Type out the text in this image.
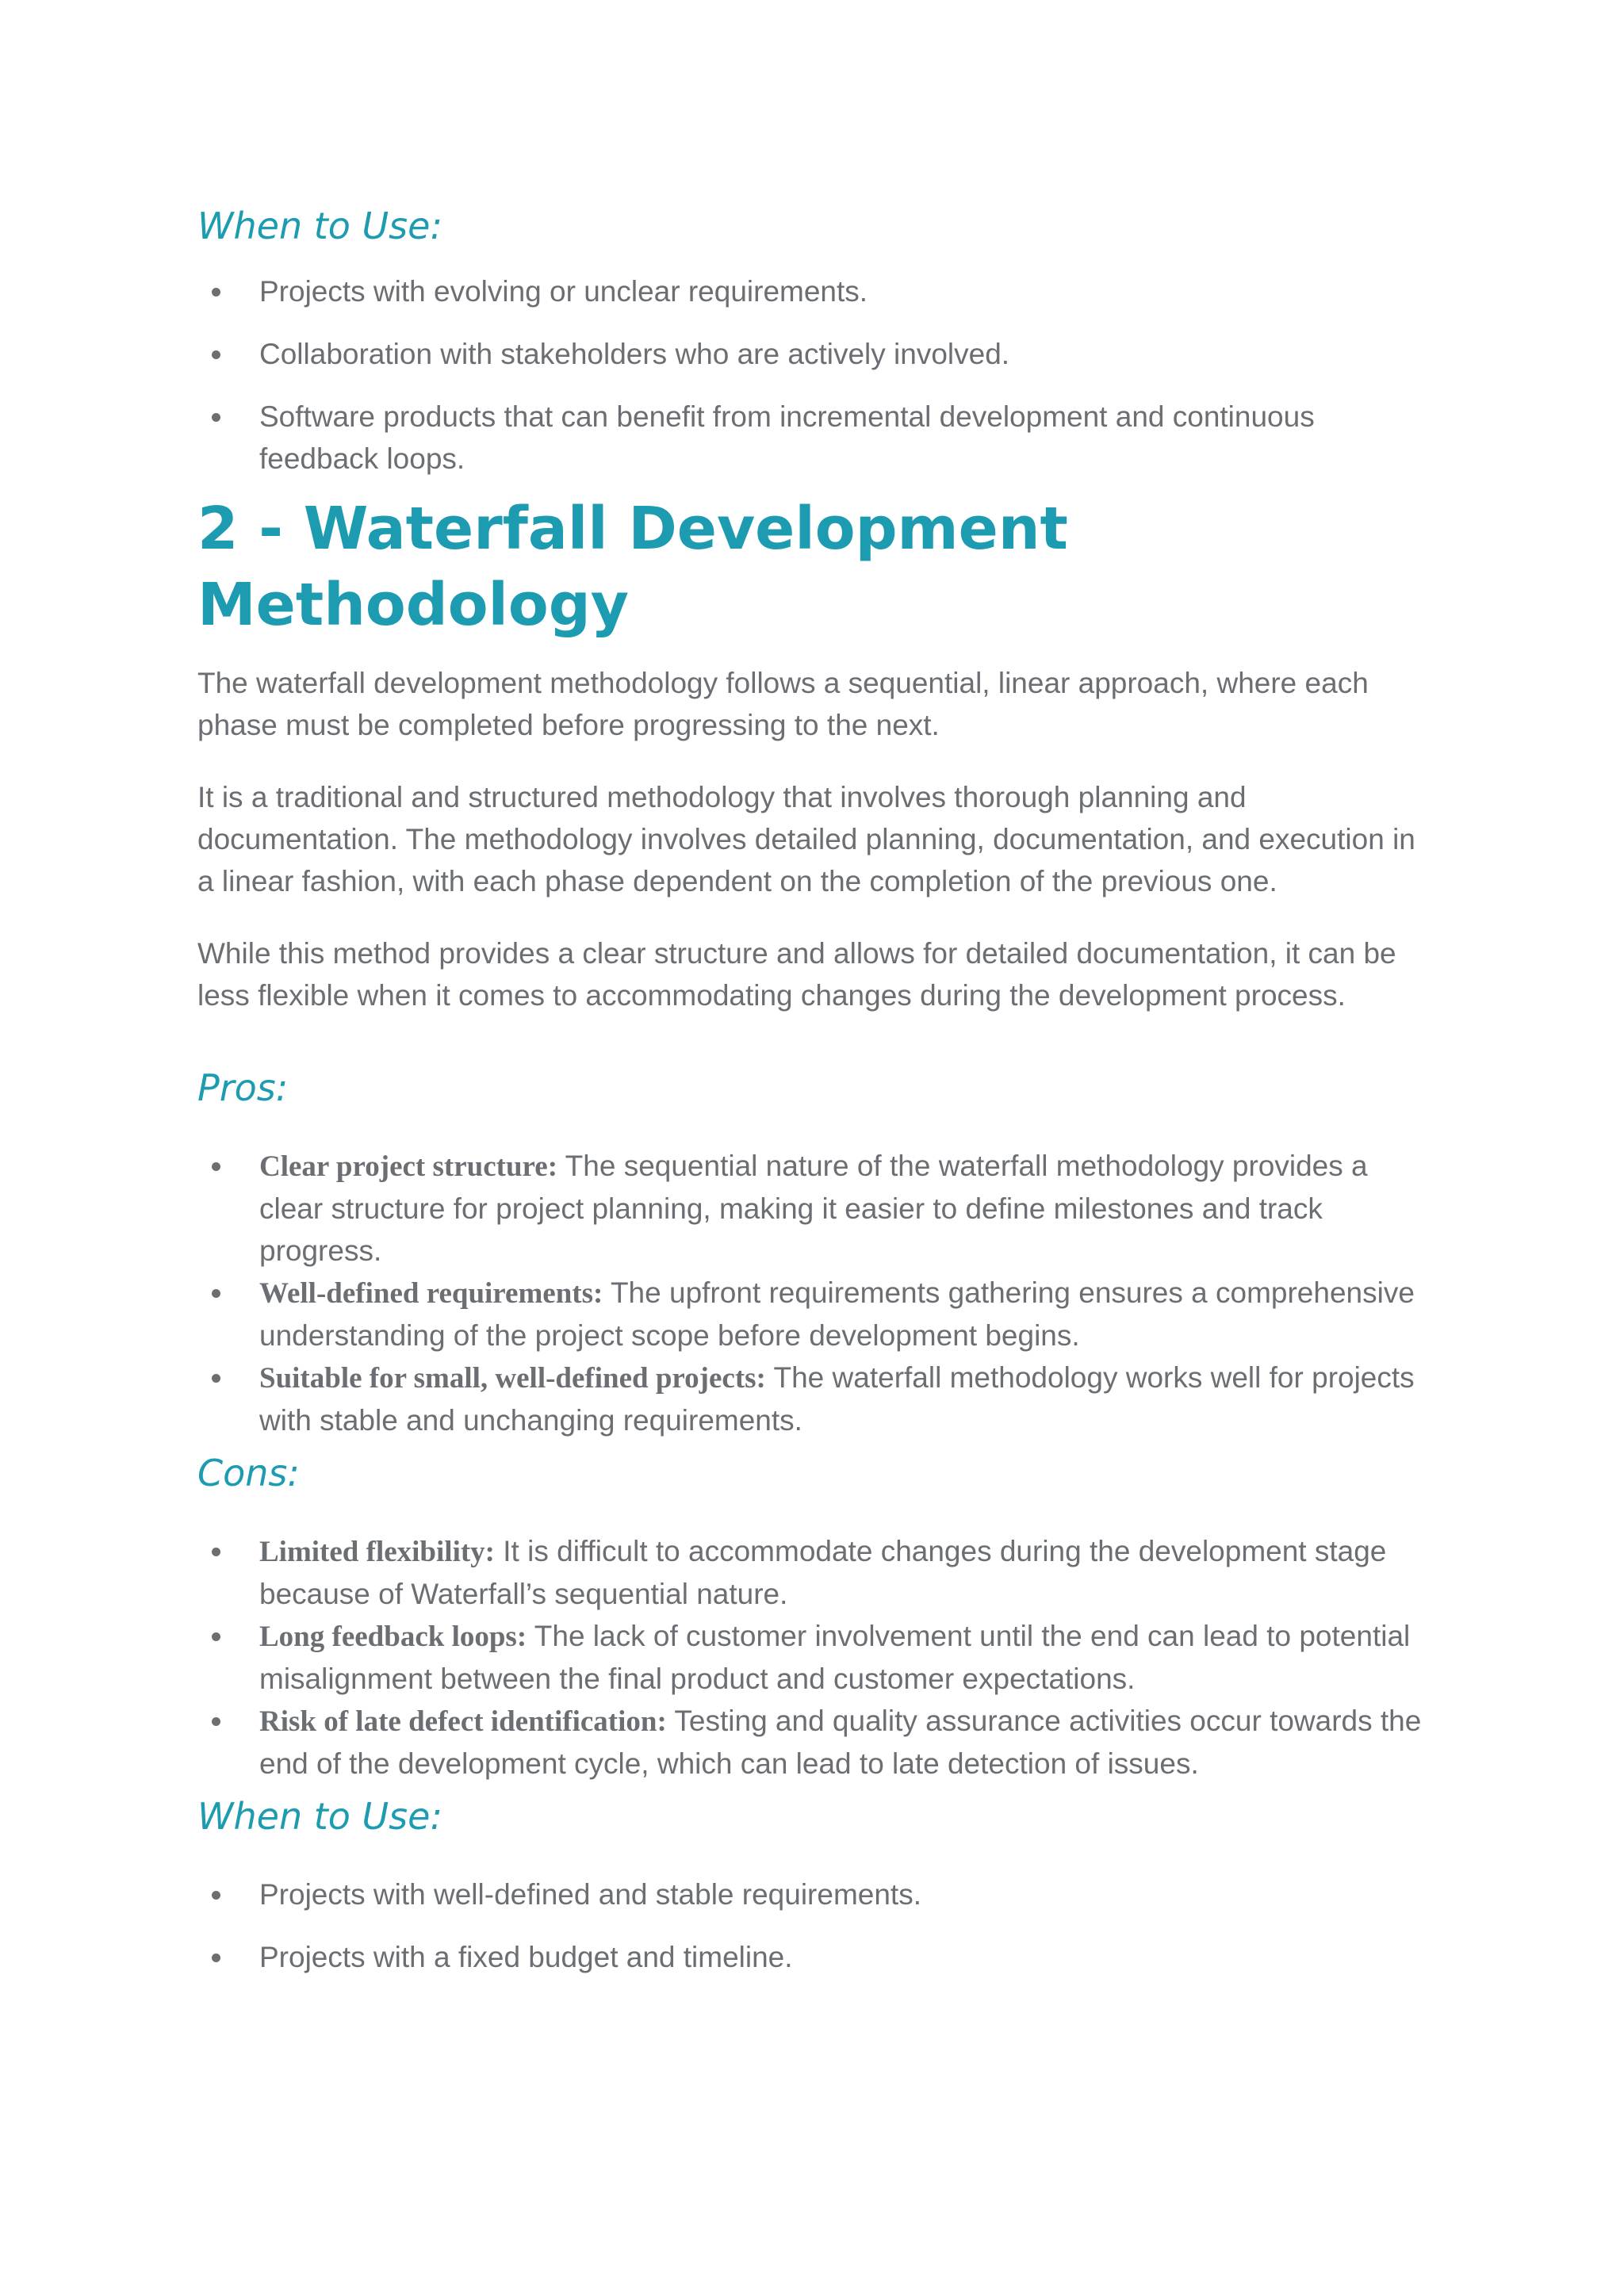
When to Use:
Projects with evolving or unclear requirements.
Collaboration with stakeholders who are actively involved.
Software products that can benefit from incremental development and continuous feedback loops.
2 - Waterfall Development Methodology

The waterfall development methodology follows a sequential, linear approach, where each phase must be completed before progressing to the next.

It is a traditional and structured methodology that involves thorough planning and documentation. The methodology involves detailed planning, documentation, and execution in a linear fashion, with each phase dependent on the completion of the previous one.

While this method provides a clear structure and allows for detailed documentation, it can be less flexible when it comes to accommodating changes during the development process.

Pros:
Clear project structure: The sequential nature of the waterfall methodology provides a clear structure for project planning, making it easier to define milestones and track progress.
Well-defined requirements: The upfront requirements gathering ensures a comprehensive understanding of the project scope before development begins.
Suitable for small, well-defined projects: The waterfall methodology works well for projects with stable and unchanging requirements.
Cons:
Limited flexibility: It is difficult to accommodate changes during the development stage because of Waterfall’s sequential nature.
Long feedback loops: The lack of customer involvement until the end can lead to potential misalignment between the final product and customer expectations.
Risk of late defect identification: Testing and quality assurance activities occur towards the end of the development cycle, which can lead to late detection of issues.
When to Use:
Projects with well-defined and stable requirements.
Projects with a fixed budget and timeline.
